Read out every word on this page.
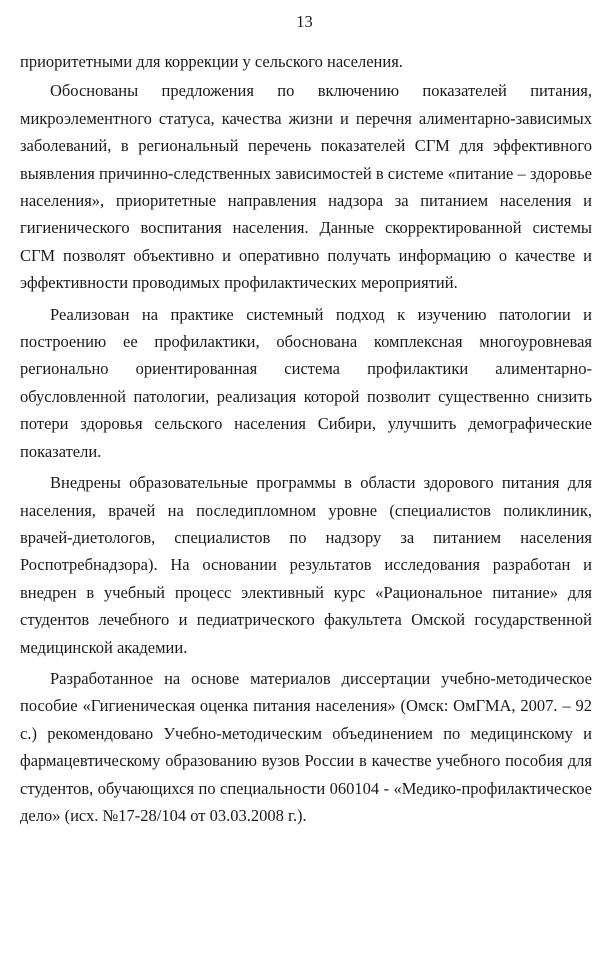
13

приоритетными для коррекции у сельского населения.

Обоснованы предложения по включению показателей питания, микроэлементного статуса, качества жизни и перечня алиментарно-зависимых заболеваний, в региональный перечень показателей СГМ для эффективного выявления причинно-следственных зависимостей в системе «питание – здоровье населения», приоритетные направления надзора за питанием населения и гигиенического воспитания населения. Данные скорректированной системы СГМ позволят объективно и оперативно получать информацию о качестве и эффективности проводимых профилактических мероприятий.

Реализован на практике системный подход к изучению патологии и построению ее профилактики, обоснована комплексная многоуровневая регионально ориентированная система профилактики алиментарно-обусловленной патологии, реализация которой позволит существенно снизить потери здоровья сельского населения Сибири, улучшить демографические показатели.

Внедрены образовательные программы в области здорового питания для населения, врачей на последипломном уровне (специалистов поликлиник, врачей-диетологов, специалистов по надзору за питанием населения Роспотребнадзора). На основании результатов исследования разработан и внедрен в учебный процесс элективный курс «Рациональное питание» для студентов лечебного и педиатрического факультета Омской государственной медицинской академии.

Разработанное на основе материалов диссертации учебно-методическое пособие «Гигиеническая оценка питания населения» (Омск: ОмГМА, 2007. – 92 с.) рекомендовано Учебно-методическим объединением по медицинскому и фармацевтическому образованию вузов России в качестве учебного пособия для студентов, обучающихся по специальности 060104 - «Медико-профилактическое дело» (исх. №17-28/104 от 03.03.2008 г.).
